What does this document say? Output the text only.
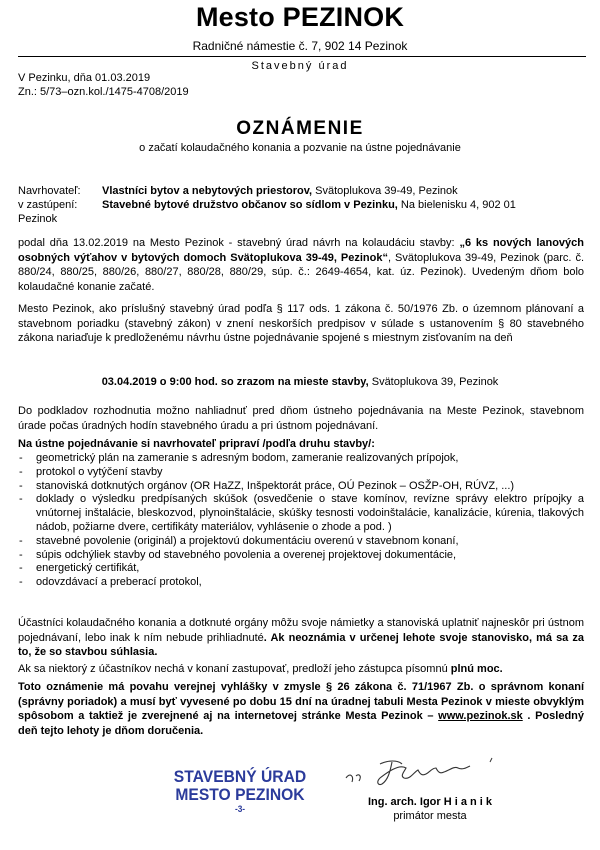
Mesto PEZINOK
Radničné námestie č. 7, 902 14 Pezinok
Stavebný úrad
V Pezinku, dňa 01.03.2019
Zn.: 5/73–ozn.kol./1475-4708/2019
OZNÁMENIE
o začatí kolaudačného konania a pozvanie na ústne pojednávanie
Navrhovateľ:	Vlastníci bytov a nebytových priestorov, Svätoplukova 39-49, Pezinok
v zastúpení:	Stavebné bytové družstvo občanov so sídlom v Pezinku, Na bielenisku 4, 902 01
Pezinok
podal dňa 13.02.2019 na Mesto Pezinok - stavebný úrad návrh na kolaudáciu stavby: „6 ks nových lanových osobných výťahov v bytových domoch Svätoplukova 39-49, Pezinok“, Svätoplukova 39-49, Pezinok (parc. č. 880/24, 880/25, 880/26, 880/27, 880/28, 880/29, súp. č.: 2649-4654, kat. úz. Pezinok). Uvedeným dňom bolo kolaudačné konanie začaté.
Mesto Pezinok, ako príslušný stavebný úrad podľa § 117 ods. 1 zákona č. 50/1976 Zb. o územnom plánovaní a stavebnom poriadku (stavebný zákon) v znení neskorších predpisov v súlade s ustanovením § 80 stavebného zákona nariaďuje k predloženému návrhu ústne pojednávanie spojené s miestnym zisťovaním na deň
03.04.2019 o 9:00 hod. so zrazom na mieste stavby, Svätoplukova 39, Pezinok
Do podkladov rozhodnutia možno nahliadnuť pred dňom ústneho pojednávania na Meste Pezinok, stavebnom úrade počas úradných hodín stavebného úradu a pri ústnom pojednávaní.
Na ústne pojednávanie si navrhovateľ pripraví /podľa druhu stavby/:
- geometrický plán na zameranie s adresným bodom, zameranie realizovaných prípojok,
- protokol o vytýčení stavby
- stanoviská dotknutých orgánov (OR HaZZ, Inšpektorát práce, OÚ Pezinok – OSŽP-OH, RÚVZ, ...)
- doklady o výsledku predpísaných skúšok (osvedčenie o stave komínov, revízne správy elektro prípojky a vnútornej inštalácie, bleskozvod, plynoinštalácie, skúšky tesnosti vodoinštalácie, kanalizácie, kúrenia, tlakových nádob, požiarne dvere, certifikáty materiálov, vyhlásenie o zhode a pod. )
- stavebné povolenie (originál) a projektovú dokumentáciu overenú v stavebnom konaní,
- súpis odchýliek stavby od stavebného povolenia a overenej projektovej dokumentácie,
- energetický certifikát,
- odovzdávací a preberací protokol,
Účastníci kolaudačného konania a dotknuté orgány môžu svoje námietky a stanoviská uplatniť najneskôr pri ústnom pojednávaní, lebo inak k ním nebude prihliadnuté. Ak neoznámia v určenej lehote svoje stanovisko, má sa za to, že so stavbou súhlasia.
Ak sa niektorý z účastníkov nechá v konaní zastupovať, predloží jeho zástupca písomnú plnú moc.
Toto oznámenie má povahu verejnej vyhlášky v zmysle § 26 zákona č. 71/1967 Zb. o správnom konaní (správny poriadok) a musí byť vyvesené po dobu 15 dní na úradnej tabuli Mesta Pezinok v mieste obvyklým spôsobom a taktiež je zverejnené aj na internetovej stránke Mesta Pezinok – www.pezinok.sk . Posledný deň tejto lehoty je dňom doručenia.
STAVEBNÝ ÚRAD
MESTO PEZINOK
-3-
Ing. arch. Igor H i a n i k
primátor mesta
